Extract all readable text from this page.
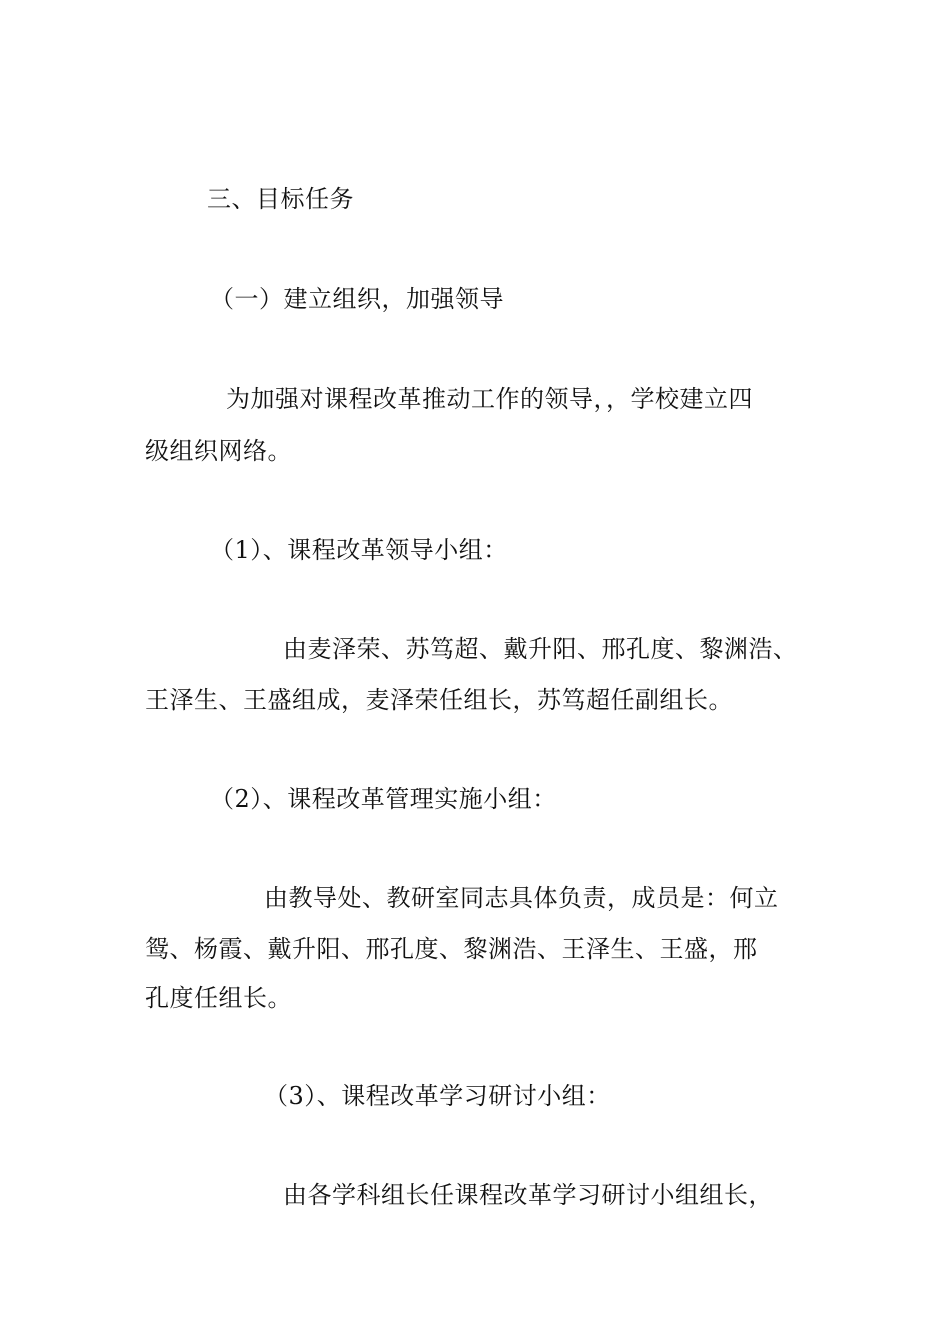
三、目标任务
（一）建立组织，加强领导
为加强对课程改革推动工作的领导，，学校建立四
级组织网络。
（1）、课程改革领导小组：
由麦泽荣、苏笃超、戴升阳、邢孔度、黎渊浩、
王泽生、王盛组成，麦泽荣任组长，苏笃超任副组长。
（2）、课程改革管理实施小组：
由教导处、教研室同志具体负责，成员是：何立
鸳、杨霞、戴升阳、邢孔度、黎渊浩、王泽生、王盛，邢
孔度任组长。
（3）、课程改革学习研讨小组：
由各学科组长任课程改革学习研讨小组组长，
